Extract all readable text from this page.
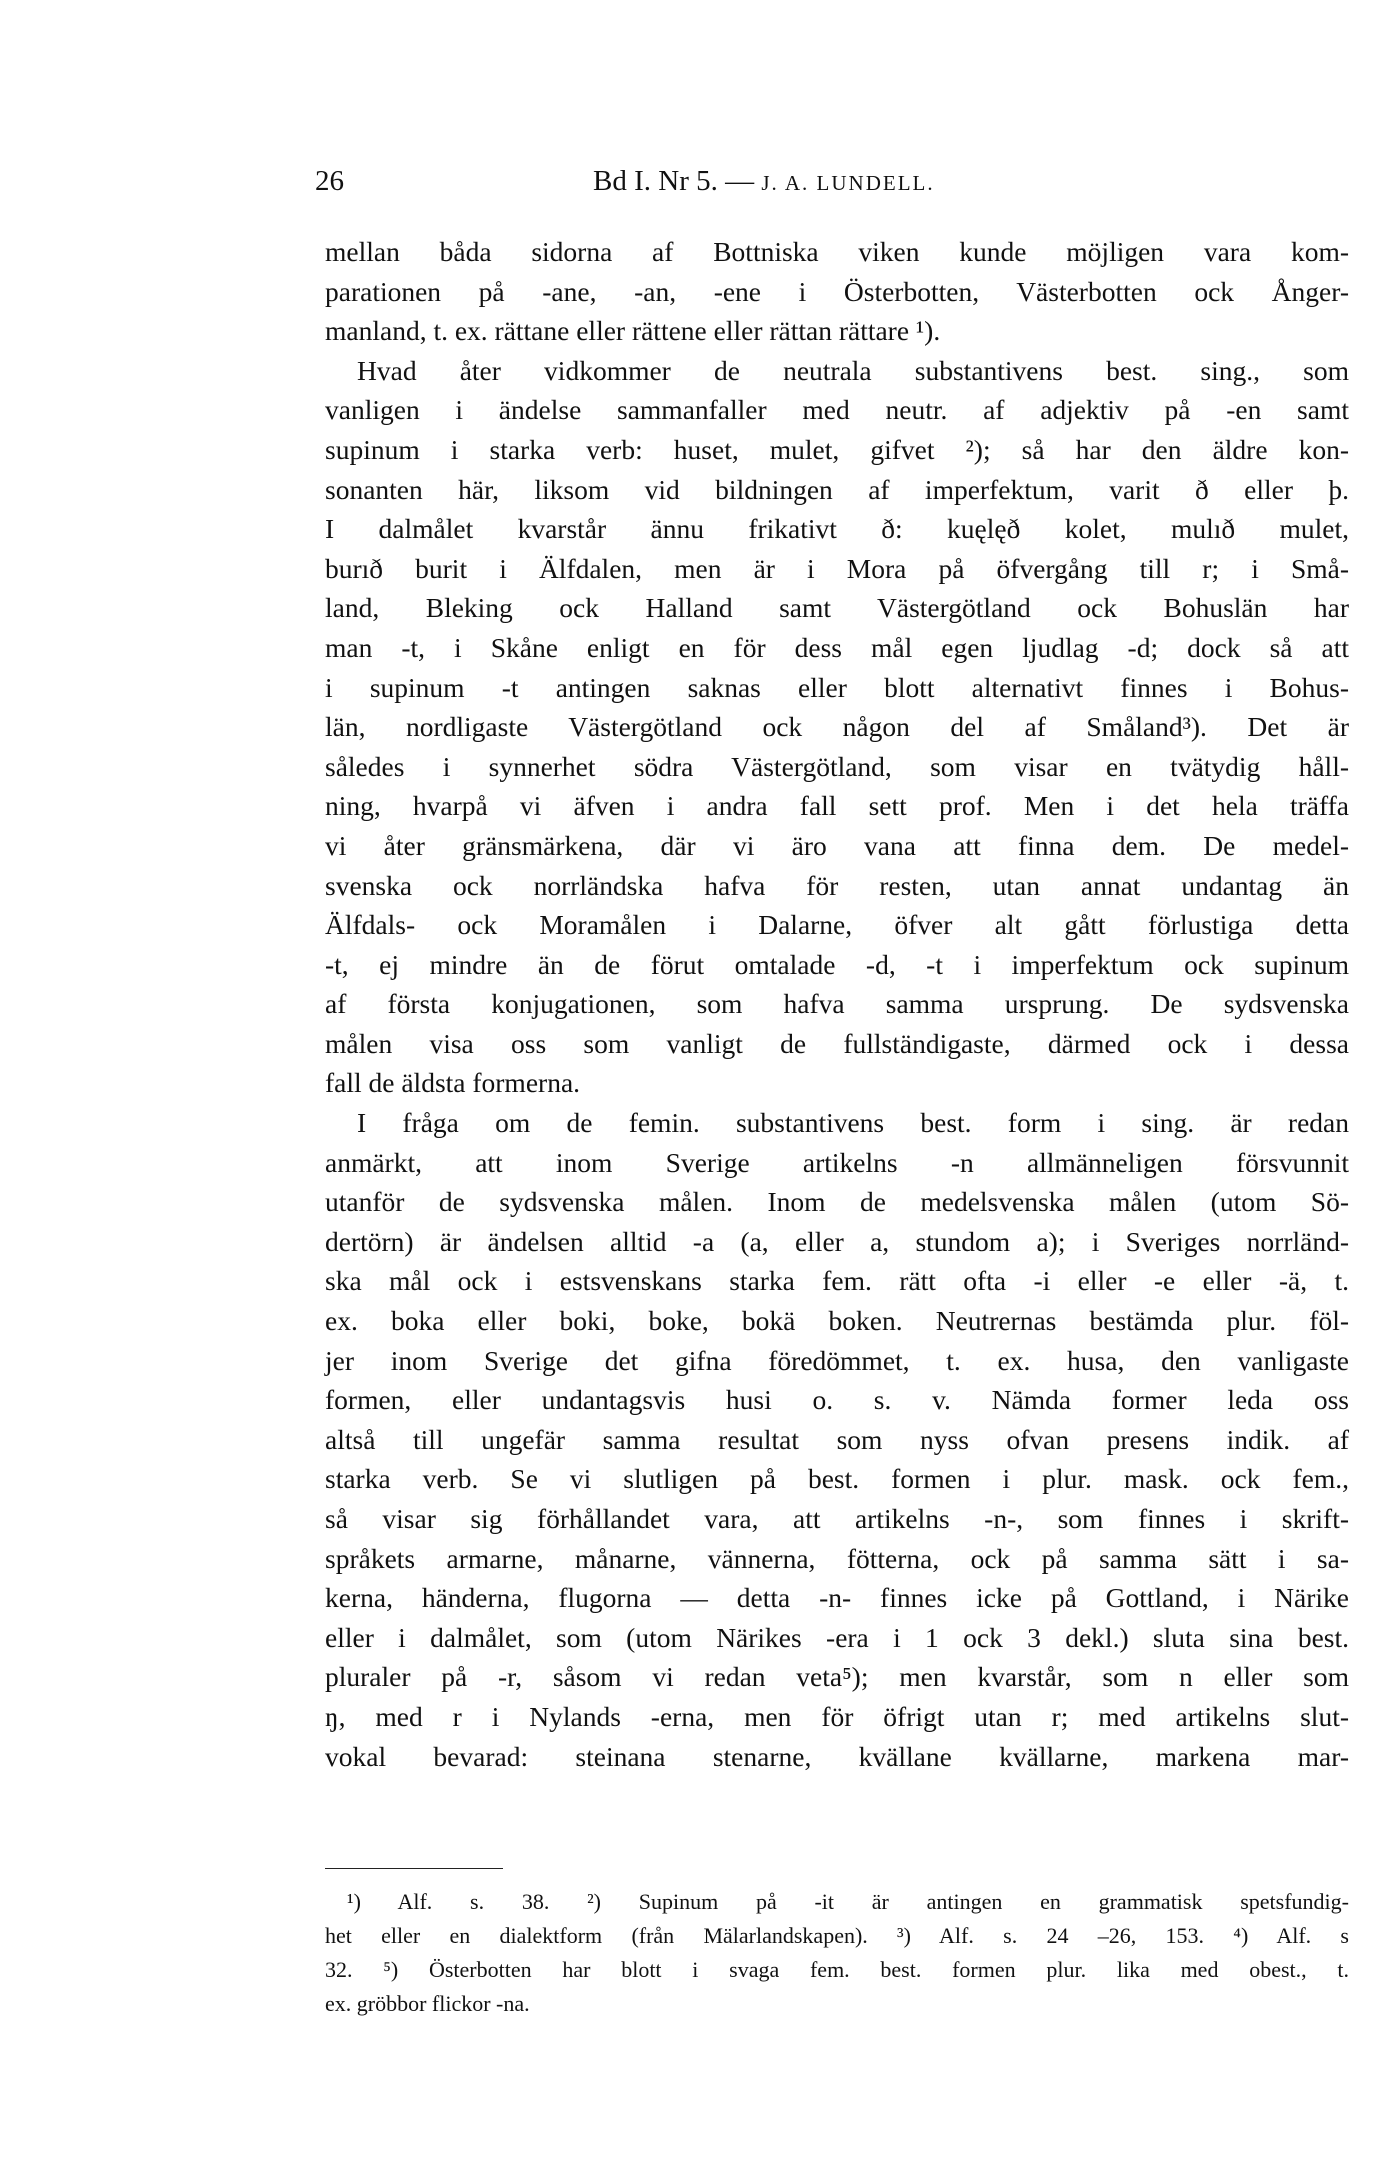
26	Bd I. Nr 5. — J. A. LUNDELL.
mellan båda sidorna af Bottniska viken kunde möjligen vara kom-
parationen på -ane, -an, -ene i Österbotten, Västerbotten ock Ånger-
manland, t. ex. rättane eller rättene eller rättan rättare ¹).
Hvad åter vidkommer de neutrala substantivens best. sing., som
vanligen i ändelse sammanfaller med neutr. af adjektiv på -en samt
supinum i starka verb: huset, mulet, gifvet ²); så har den äldre kon-
sonanten här, liksom vid bildningen af imperfektum, varit ð eller þ.
I dalmålet kvarstår ännu frikativt ð: kuęlęð kolet, mulıð mulet,
burıð burit i Älfdalen, men är i Mora på öfvergång till r; i Små-
land, Bleking ock Halland samt Västergötland ock Bohuslän har
man -t, i Skåne enligt en för dess mål egen ljudlag -d; dock så att
i supinum -t antingen saknas eller blott alternativt finnes i Bohus-
län, nordligaste Västergötland ock någon del af Småland³). Det är
således i synnerhet södra Västergötland, som visar en tvätydig håll-
ning, hvarpå vi äfven i andra fall sett prof. Men i det hela träffa
vi åter gränsmärkena, där vi äro vana att finna dem. De medel-
svenska ock norrländska hafva för resten, utan annat undantag än
Älfdals- ock Moramålen i Dalarne, öfver alt gått förlustiga detta
-t, ej mindre än de förut omtalade -d, -t i imperfektum ock supinum
af första konjugationen, som hafva samma ursprung. De sydsvenska
målen visa oss som vanligt de fullständigaste, därmed ock i dessa
fall de äldsta formerna.
I fråga om de femin. substantivens best. form i sing. är redan
anmärkt, att inom Sverige artikelns -n allmänneligen försvunnit
utanför de sydsvenska målen. Inom de medelsvenska målen (utom Sö-
dertörn) är ändelsen alltid -a (a, eller a, stundom a); i Sveriges norrländ-
ska mål ock i estsvenskans starka fem. rätt ofta -i eller -e eller -ä, t.
ex. boka eller boki, boke, bokä boken. Neutrernas bestämda plur. föl-
jer inom Sverige det gifna föredömmet, t. ex. husa, den vanligaste
formen, eller undantagsvis husi o. s. v. Nämda former leda oss
altså till ungefär samma resultat som nyss ofvan presens indik. af
starka verb. Se vi slutligen på best. formen i plur. mask. ock fem.,
så visar sig förhållandet vara, att artikelns -n-, som finnes i skrift-
språkets armarne, månarne, vännerna, fötterna, ock på samma sätt i sa-
kerna, händerna, flugorna — detta -n- finnes icke på Gottland, i Närike
eller i dalmålet, som (utom Närikes -era i 1 ock 3 dekl.) sluta sina best.
pluraler på -r, såsom vi redan veta⁵); men kvarstår, som n eller som
ŋ, med r i Nylands -erna, men för öfrigt utan r; med artikelns slut-
vokal bevarad: steinana stenarne, kvällane kvällarne, markena mar-
¹) Alf. s. 38. ²) Supinum på -it är antingen en grammatisk spetsfundig-
het eller en dialektform (från Mälarlandskapen). ³) Alf. s. 24 –26, 153. ⁴) Alf. s
32. ⁵) Österbotten har blott i svaga fem. best. formen plur. lika med obest., t.
ex. gröbbor flickor -na.
